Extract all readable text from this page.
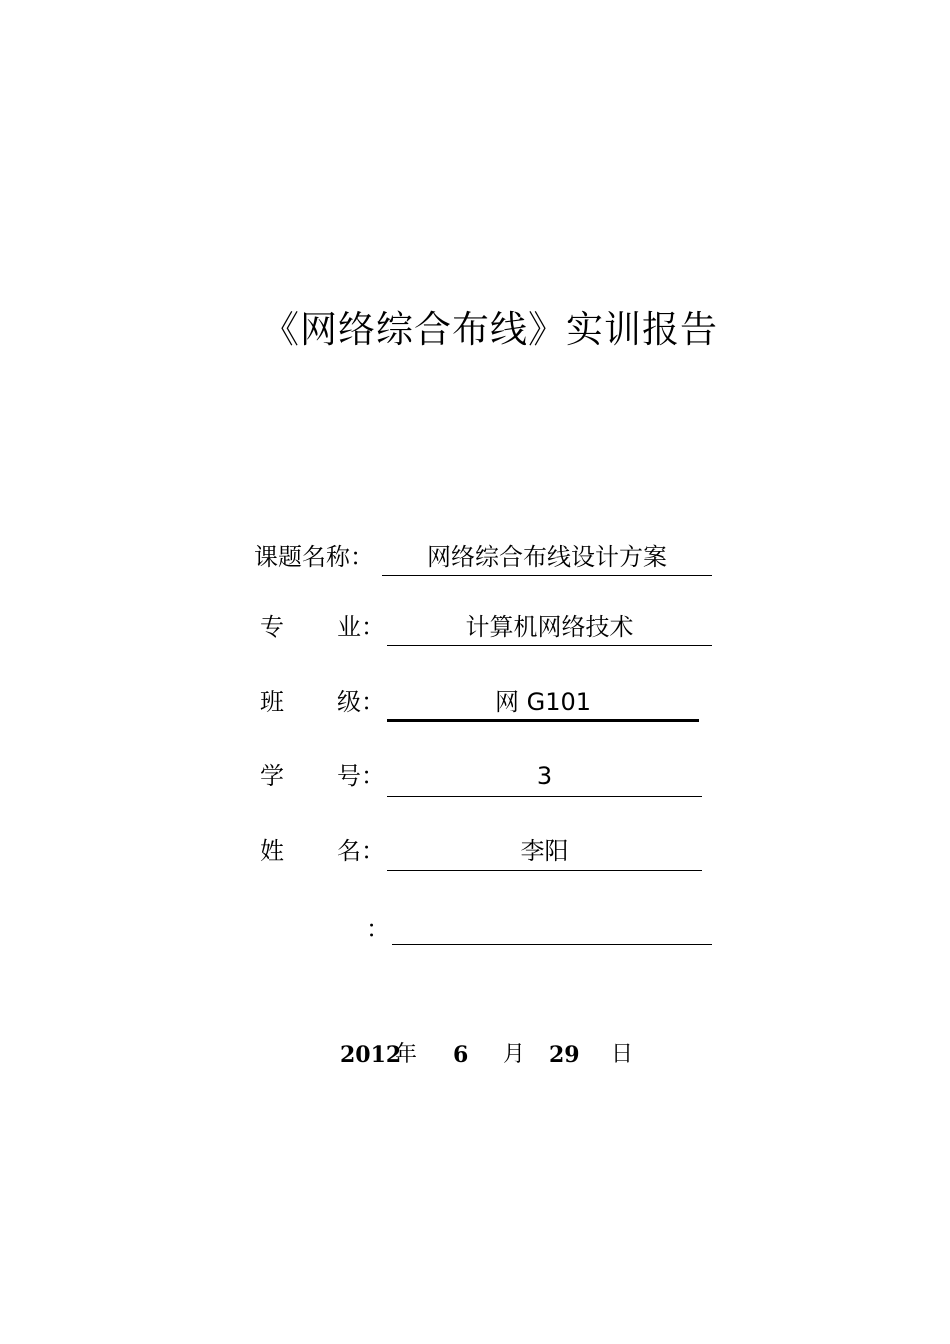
《网络综合布线》实训报告
课题名称 ：	网络综合布线设计方案
专 业 ：	计算机网络技术
班 级 ：	网 G101
学 号 ：	3
姓 名 ：	李阳
：
2012
年 6 月 29 日
